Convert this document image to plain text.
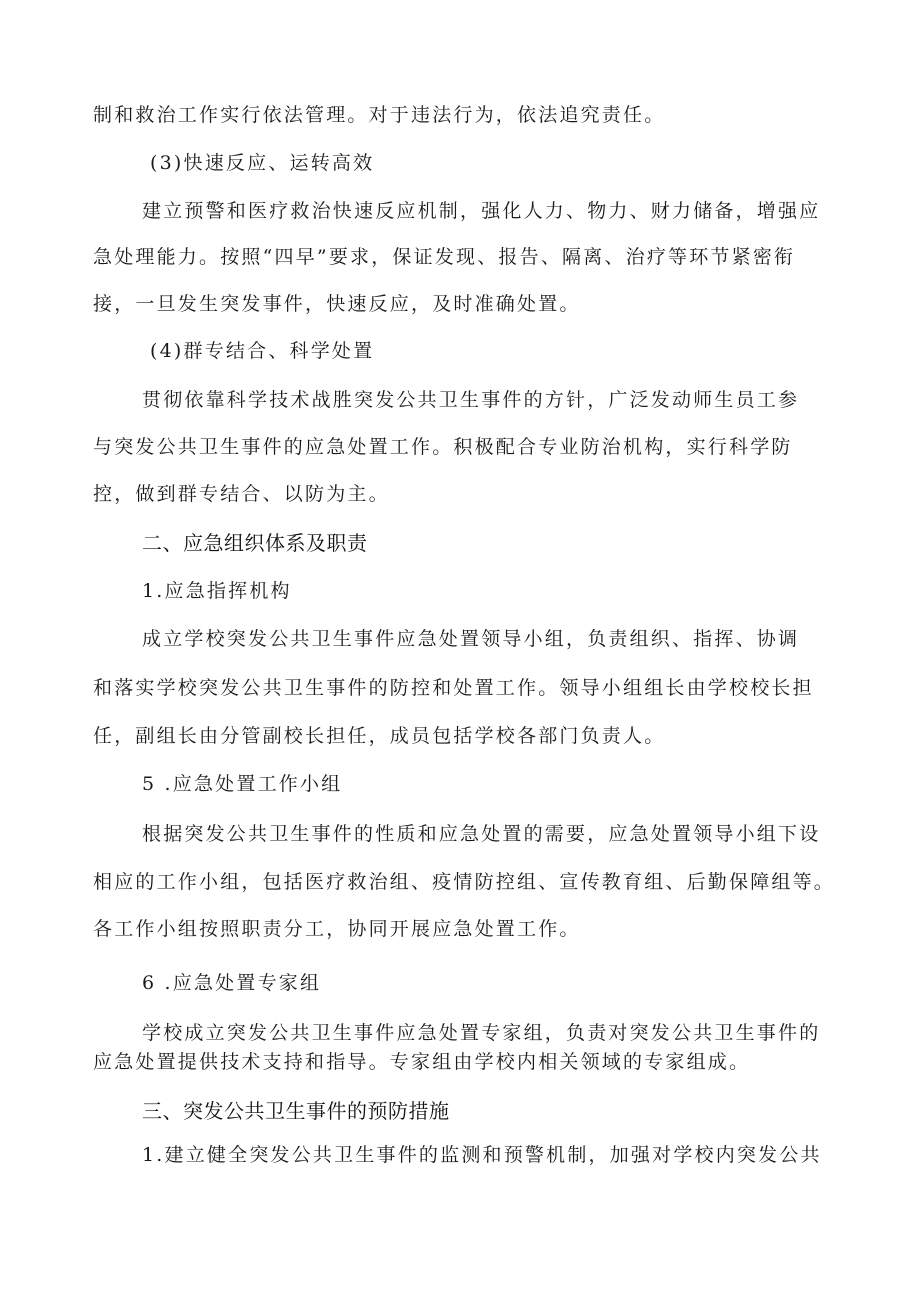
制和救治工作实行依法管理。对于违法行为，依法追究责任。
(3)快速反应、运转高效
建立预警和医疗救治快速反应机制，强化人力、物力、财力储备，增强应
急处理能力。按照“四早”要求，保证发现、报告、隔离、治疗等环节紧密衔
接，一旦发生突发事件，快速反应，及时准确处置。
(4)群专结合、科学处置
贯彻依靠科学技术战胜突发公共卫生事件的方针，广泛发动师生员工参
与突发公共卫生事件的应急处置工作。积极配合专业防治机构，实行科学防
控，做到群专结合、以防为主。
二、应急组织体系及职责
1.应急指挥机构
成立学校突发公共卫生事件应急处置领导小组，负责组织、指挥、协调
和落实学校突发公共卫生事件的防控和处置工作。领导小组组长由学校校长担
任，副组长由分管副校长担任，成员包括学校各部门负责人。
5 .应急处置工作小组
根据突发公共卫生事件的性质和应急处置的需要，应急处置领导小组下设
相应的工作小组，包括医疗救治组、疫情防控组、宣传教育组、后勤保障组等。
各工作小组按照职责分工，协同开展应急处置工作。
6 .应急处置专家组
学校成立突发公共卫生事件应急处置专家组，负责对突发公共卫生事件的
应急处置提供技术支持和指导。专家组由学校内相关领域的专家组成。
三、突发公共卫生事件的预防措施
1.建立健全突发公共卫生事件的监测和预警机制，加强对学校内突发公共
